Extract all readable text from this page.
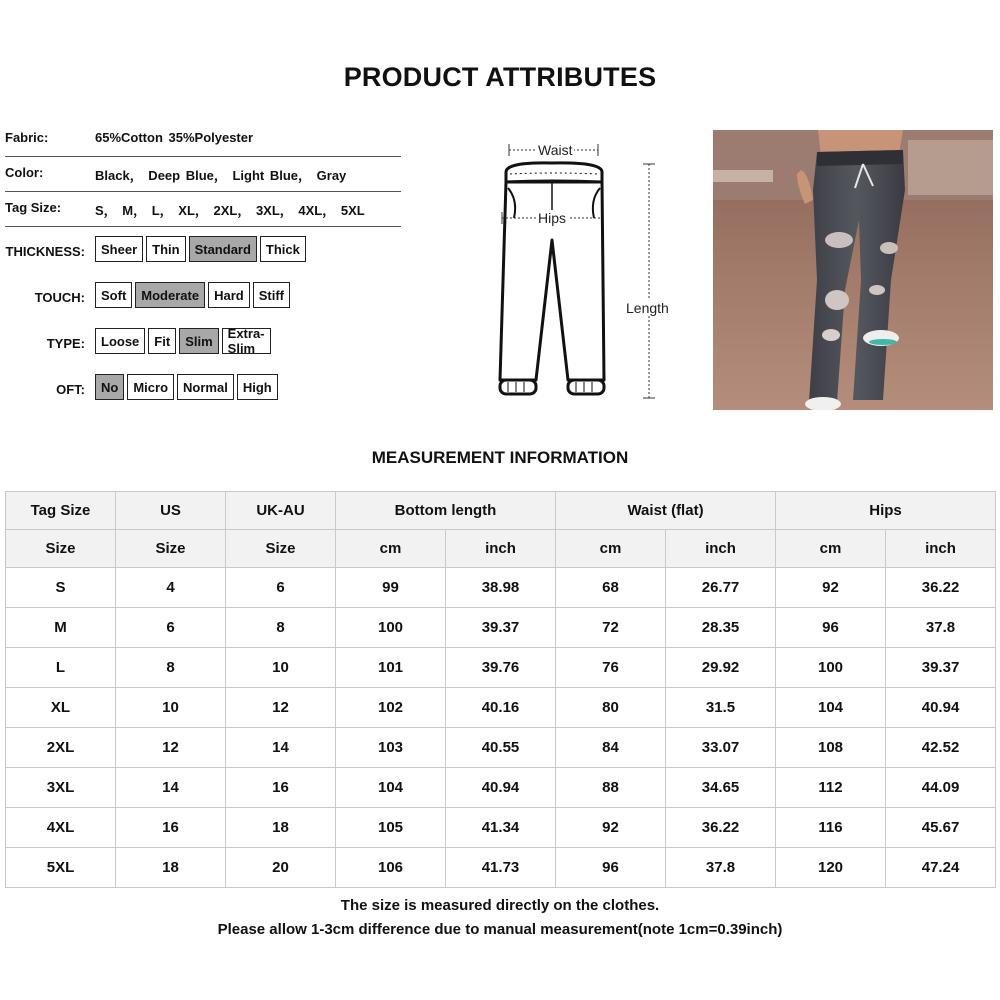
PRODUCT ATTRIBUTES
Fabric:	65%Cotton 35%Polyester
Color:	Black， Deep Blue， Light Blue， Gray
Tag Size:	S， M， L， XL， 2XL， 3XL， 4XL， 5XL
THICKNESS:	Sheer	Thin	Standard	Thick
TOUCH:	Soft	Moderate	Hard	Stiff
TYPE:	Loose	Fit	Slim	Extra-Slim
OFT:	No	Micro	Normal	High
Waist
Hips
Length
MEASUREMENT INFORMATION
Tag Size	US	UK-AU	Bottom length		Waist (flat)		Hips	
Size	Size	Size	cm	inch	cm	inch	cm	inch
S	4	6	99	38.98	68	26.77	92	36.22
M	6	8	100	39.37	72	28.35	96	37.8
L	8	10	101	39.76	76	29.92	100	39.37
XL	10	12	102	40.16	80	31.5	104	40.94
2XL	12	14	103	40.55	84	33.07	108	42.52
3XL	14	16	104	40.94	88	34.65	112	44.09
4XL	16	18	105	41.34	92	36.22	116	45.67
5XL	18	20	106	41.73	96	37.8	120	47.24
The size is measured directly on the clothes.
Please allow 1-3cm difference due to manual measurement(note 1cm=0.39inch)
